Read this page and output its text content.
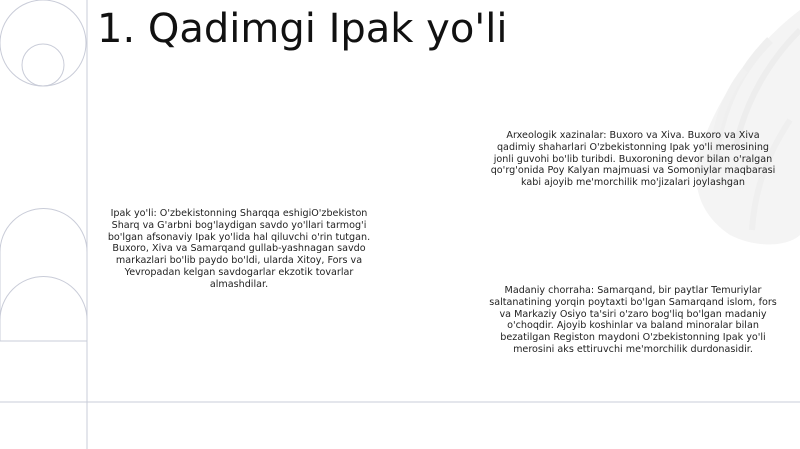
1. Qadimgi Ipak yo'li
Ipak yo'li: O'zbekistonning Sharqqa eshigiO'zbekiston Sharq va G'arbni bog'laydigan savdo yo'llari tarmog'i bo'lgan afsonaviy Ipak yo'lida hal qiluvchi o'rin tutgan. Buxoro, Xiva va Samarqand gullab-yashnagan savdo markazlari bo'lib paydo bo'ldi, ularda Xitoy, Fors va Yevropadan kelgan savdogarlar ekzotik tovarlar almashdilar.
Arxeologik xazinalar: Buxoro va Xiva. Buxoro va Xiva qadimiy shaharlari O'zbekistonning Ipak yo'li merosining jonli guvohi bo'lib turibdi. Buxoroning devor bilan o'ralgan qo'rg'onida Poy Kalyan majmuasi va Somoniylar maqbarasi kabi ajoyib me'morchilik mo'jizalari joylashgan
Madaniy chorraha: Samarqand, bir paytlar Temuriylar saltanatining yorqin poytaxti bo'lgan Samarqand islom, fors va Markaziy Osiyo ta'siri o'zaro bog'liq bo'lgan madaniy o'choqdir. Ajoyib koshinlar va baland minoralar bilan bezatilgan Registon maydoni O'zbekistonning Ipak yo'li merosini aks ettiruvchi me'morchilik durdonasidir.
